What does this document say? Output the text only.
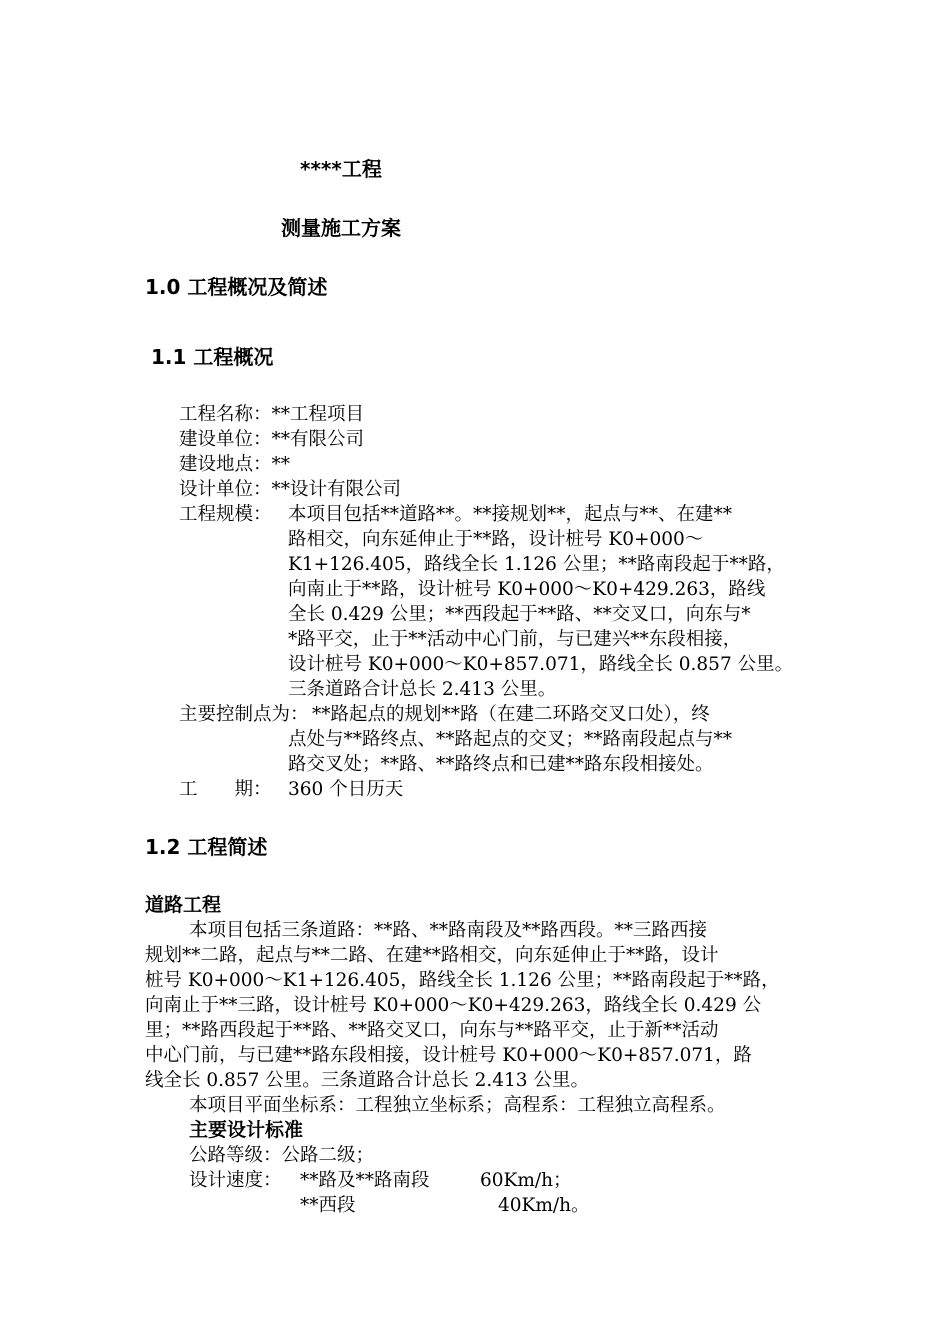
****工程
测量施工方案
1.0 工程概况及简述
1.1 工程概况
工程名称：**工程项目
建设单位：**有限公司
建设地点：**
设计单位：**设计有限公司
工程规模： 本项目包括**道路**。**接规划**，起点与**、在建**
路相交，向东延伸止于**路，设计桩号 K0+000～
K1+126.405，路线全长 1.126 公里；**路南段起于**路，
向南止于**路，设计桩号 K0+000～K0+429.263，路线
全长 0.429 公里；**西段起于**路、**交叉口，向东与*
*路平交，止于**活动中心门前，与已建兴**东段相接，
设计桩号 K0+000～K0+857.071，路线全长 0.857 公里。
三条道路合计总长 2.413 公里。
主要控制点为： **路起点的规划**路（在建二环路交叉口处），终
点处与**路终点、**路起点的交叉；**路南段起点与**
路交叉处；**路、**路终点和已建**路东段相接处。
工　　期： 360 个日历天
1.2 工程简述
道路工程
本项目包括三条道路：**路、**路南段及**路西段。**三路西接
规划**二路，起点与**二路、在建**路相交，向东延伸止于**路，设计
桩号 K0+000～K1+126.405，路线全长 1.126 公里；**路南段起于**路，
向南止于**三路，设计桩号 K0+000～K0+429.263，路线全长 0.429 公
里；**路西段起于**路、**路交叉口，向东与**路平交，止于新**活动
中心门前，与已建**路东段相接，设计桩号 K0+000～K0+857.071，路
线全长 0.857 公里。三条道路合计总长 2.413 公里。
本项目平面坐标系：工程独立坐标系；高程系：工程独立高程系。
主要设计标准
公路等级：公路二级；
设计速度： **路及**路南段	60Km/h；
**西段	40Km/h。
